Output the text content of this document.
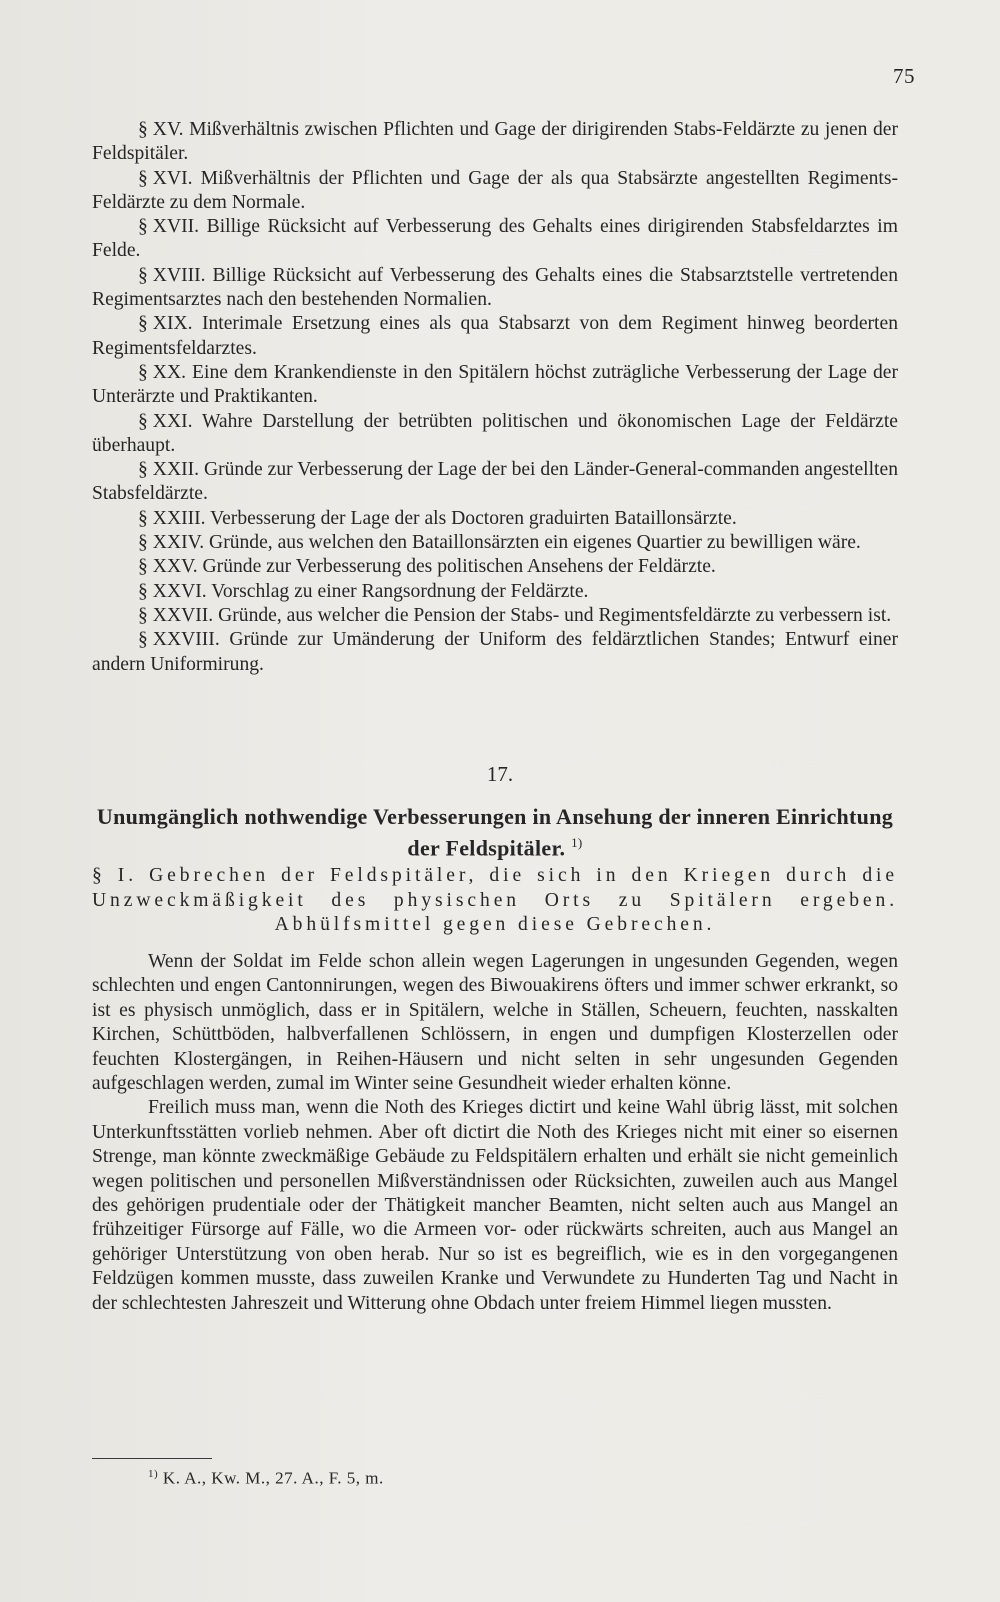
75

§ XV. Mißverhältnis zwischen Pflichten und Gage der dirigirenden Stabs-Feldärzte zu jenen der Feldspitäler.

§ XVI. Mißverhältnis der Pflichten und Gage der als qua Stabsärzte angestellten Regiments-Feldärzte zu dem Normale.

§ XVII. Billige Rücksicht auf Verbesserung des Gehalts eines dirigirenden Stabsfeldarztes im Felde.

§ XVIII. Billige Rücksicht auf Verbesserung des Gehalts eines die Stabsarztstelle vertretenden Regimentsarztes nach den bestehenden Normalien.

§ XIX. Interimale Ersetzung eines als qua Stabsarzt von dem Regiment hinweg beorderten Regimentsfeldarztes.

§ XX. Eine dem Krankendienste in den Spitälern höchst zuträgliche Verbesserung der Lage der Unterärzte und Praktikanten.

§ XXI. Wahre Darstellung der betrübten politischen und ökonomischen Lage der Feldärzte überhaupt.

§ XXII. Gründe zur Verbesserung der Lage der bei den Länder-General-commanden angestellten Stabsfeldärzte.

§ XXIII. Verbesserung der Lage der als Doctoren graduirten Bataillonsärzte.

§ XXIV. Gründe, aus welchen den Bataillonsärzten ein eigenes Quartier zu bewilligen wäre.

§ XXV. Gründe zur Verbesserung des politischen Ansehens der Feldärzte.

§ XXVI. Vorschlag zu einer Rangsordnung der Feldärzte.

§ XXVII. Gründe, aus welcher die Pension der Stabs- und Regimentsfeldärzte zu verbessern ist.

§ XXVIII. Gründe zur Umänderung der Uniform des feldärztlichen Standes; Entwurf einer andern Uniformirung.

17.
Unumgänglich nothwendige Verbesserungen in Ansehung der inneren Einrichtung der Feldspitäler. $^{1)}$
§ I. Gebrechen der Feldspitäler, die sich in den Kriegen durch die Unzweckmäßigkeit des physischen Orts zu Spitälern ergeben. Abhülfsmittel gegen diese Gebrechen.

Wenn der Soldat im Felde schon allein wegen Lagerungen in ungesunden Gegenden, wegen schlechten und engen Cantonnirungen, wegen des Biwouakirens öfters und immer schwer erkrankt, so ist es physisch unmöglich, dass er in Spitälern, welche in Ställen, Scheuern, feuchten, nasskalten Kirchen, Schüttböden, halbverfallenen Schlössern, in engen und dumpfigen Klosterzellen oder feuchten Klostergängen, in Reihen-Häusern und nicht selten in sehr ungesunden Gegenden aufgeschlagen werden, zumal im Winter seine Gesundheit wieder erhalten könne.

Freilich muss man, wenn die Noth des Krieges dictirt und keine Wahl übrig lässt, mit solchen Unterkunftsstätten vorlieb nehmen. Aber oft dictirt die Noth des Krieges nicht mit einer so eisernen Strenge, man könnte zweckmäßige Gebäude zu Feldspitälern erhalten und erhält sie nicht gemeinlich wegen politischen und personellen Mißverständnissen oder Rücksichten, zuweilen auch aus Mangel des gehörigen prudentiale oder der Thätigkeit mancher Beamten, nicht selten auch aus Mangel an frühzeitiger Fürsorge auf Fälle, wo die Armeen vor- oder rückwärts schreiten, auch aus Mangel an gehöriger Unterstützung von oben herab. Nur so ist es begreiflich, wie es in den vorgegangenen Feldzügen kommen musste, dass zuweilen Kranke und Verwundete zu Hunderten Tag und Nacht in der schlechtesten Jahreszeit und Witterung ohne Obdach unter freiem Himmel liegen mussten.

$^{1)}$ K. A., Kw. M., 27. A., F. 5, m.
